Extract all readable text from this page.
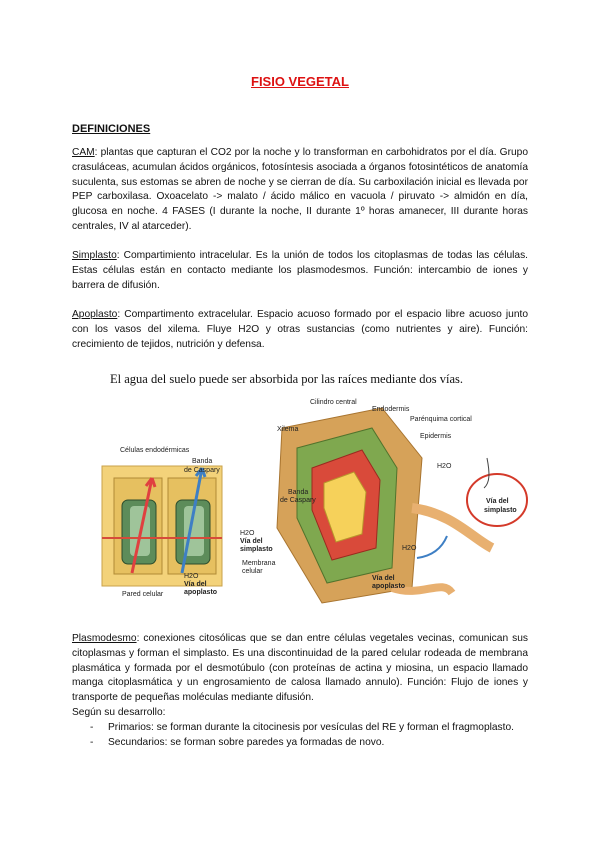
FISIO VEGETAL
DEFINICIONES

CAM: plantas que capturan el CO2 por la noche y lo transforman en carbohidratos por el día. Grupo crasuláceas, acumulan ácidos orgánicos, fotosíntesis asociada a órganos fotosintéticos de anatomía suculenta, sus estomas se abren de noche y se cierran de día. Su carboxilación inicial es llevada por PEP carboxilasa. Oxoacelato -> malato / ácido málico en vacuola / piruvato -> almidón en día, glucosa en noche. 4 FASES (I durante la noche, II durante 1º horas amanecer, III durante horas centrales, IV al atarceder).

Simplasto: Compartimiento intracelular. Es la unión de todos los citoplasmas de todas las células. Estas células están en contacto mediante los plasmodesmos. Función: intercambio de iones y barrera de difusión.

Apoplasto: Compartimento extracelular. Espacio acuoso formado por el espacio libre acuoso junto con los vasos del xilema. Fluye H2O y otras sustancias (como nutrientes y aire). Función: crecimiento de tejidos, nutrición y defensa.

El agua del suelo puede ser absorbida por las raíces mediante dos vías.
Cilindro central
Endodermis
Parénquima cortical
Xilema
Epidermis
Células endodérmicas
Banda
de Caspary
Banda
de Caspary
H2O
Vía del
simplasto
H2O
Vía del
simplasto
Membrana
celular
H2O
Vía del
apoplasto
Pared celular
H2O
Vía del
apoplasto

Plasmodesmo: conexiones citosólicas que se dan entre células vegetales vecinas, comunican sus citoplasmas y forman el simplasto. Es una discontinuidad de la pared celular rodeada de membrana plasmática y formada por el desmotúbulo (con proteínas de actina y miosina, un espacio llamado manga citoplasmática y un engrosamiento de calosa llamado annulo). Función: Flujo de iones y transporte de pequeñas moléculas mediante difusión.

Según su desarrollo:
- Primarios: se forman durante la citocinesis por vesículas del RE y forman el fragmoplasto.
- Secundarios: se forman sobre paredes ya formadas de novo.
